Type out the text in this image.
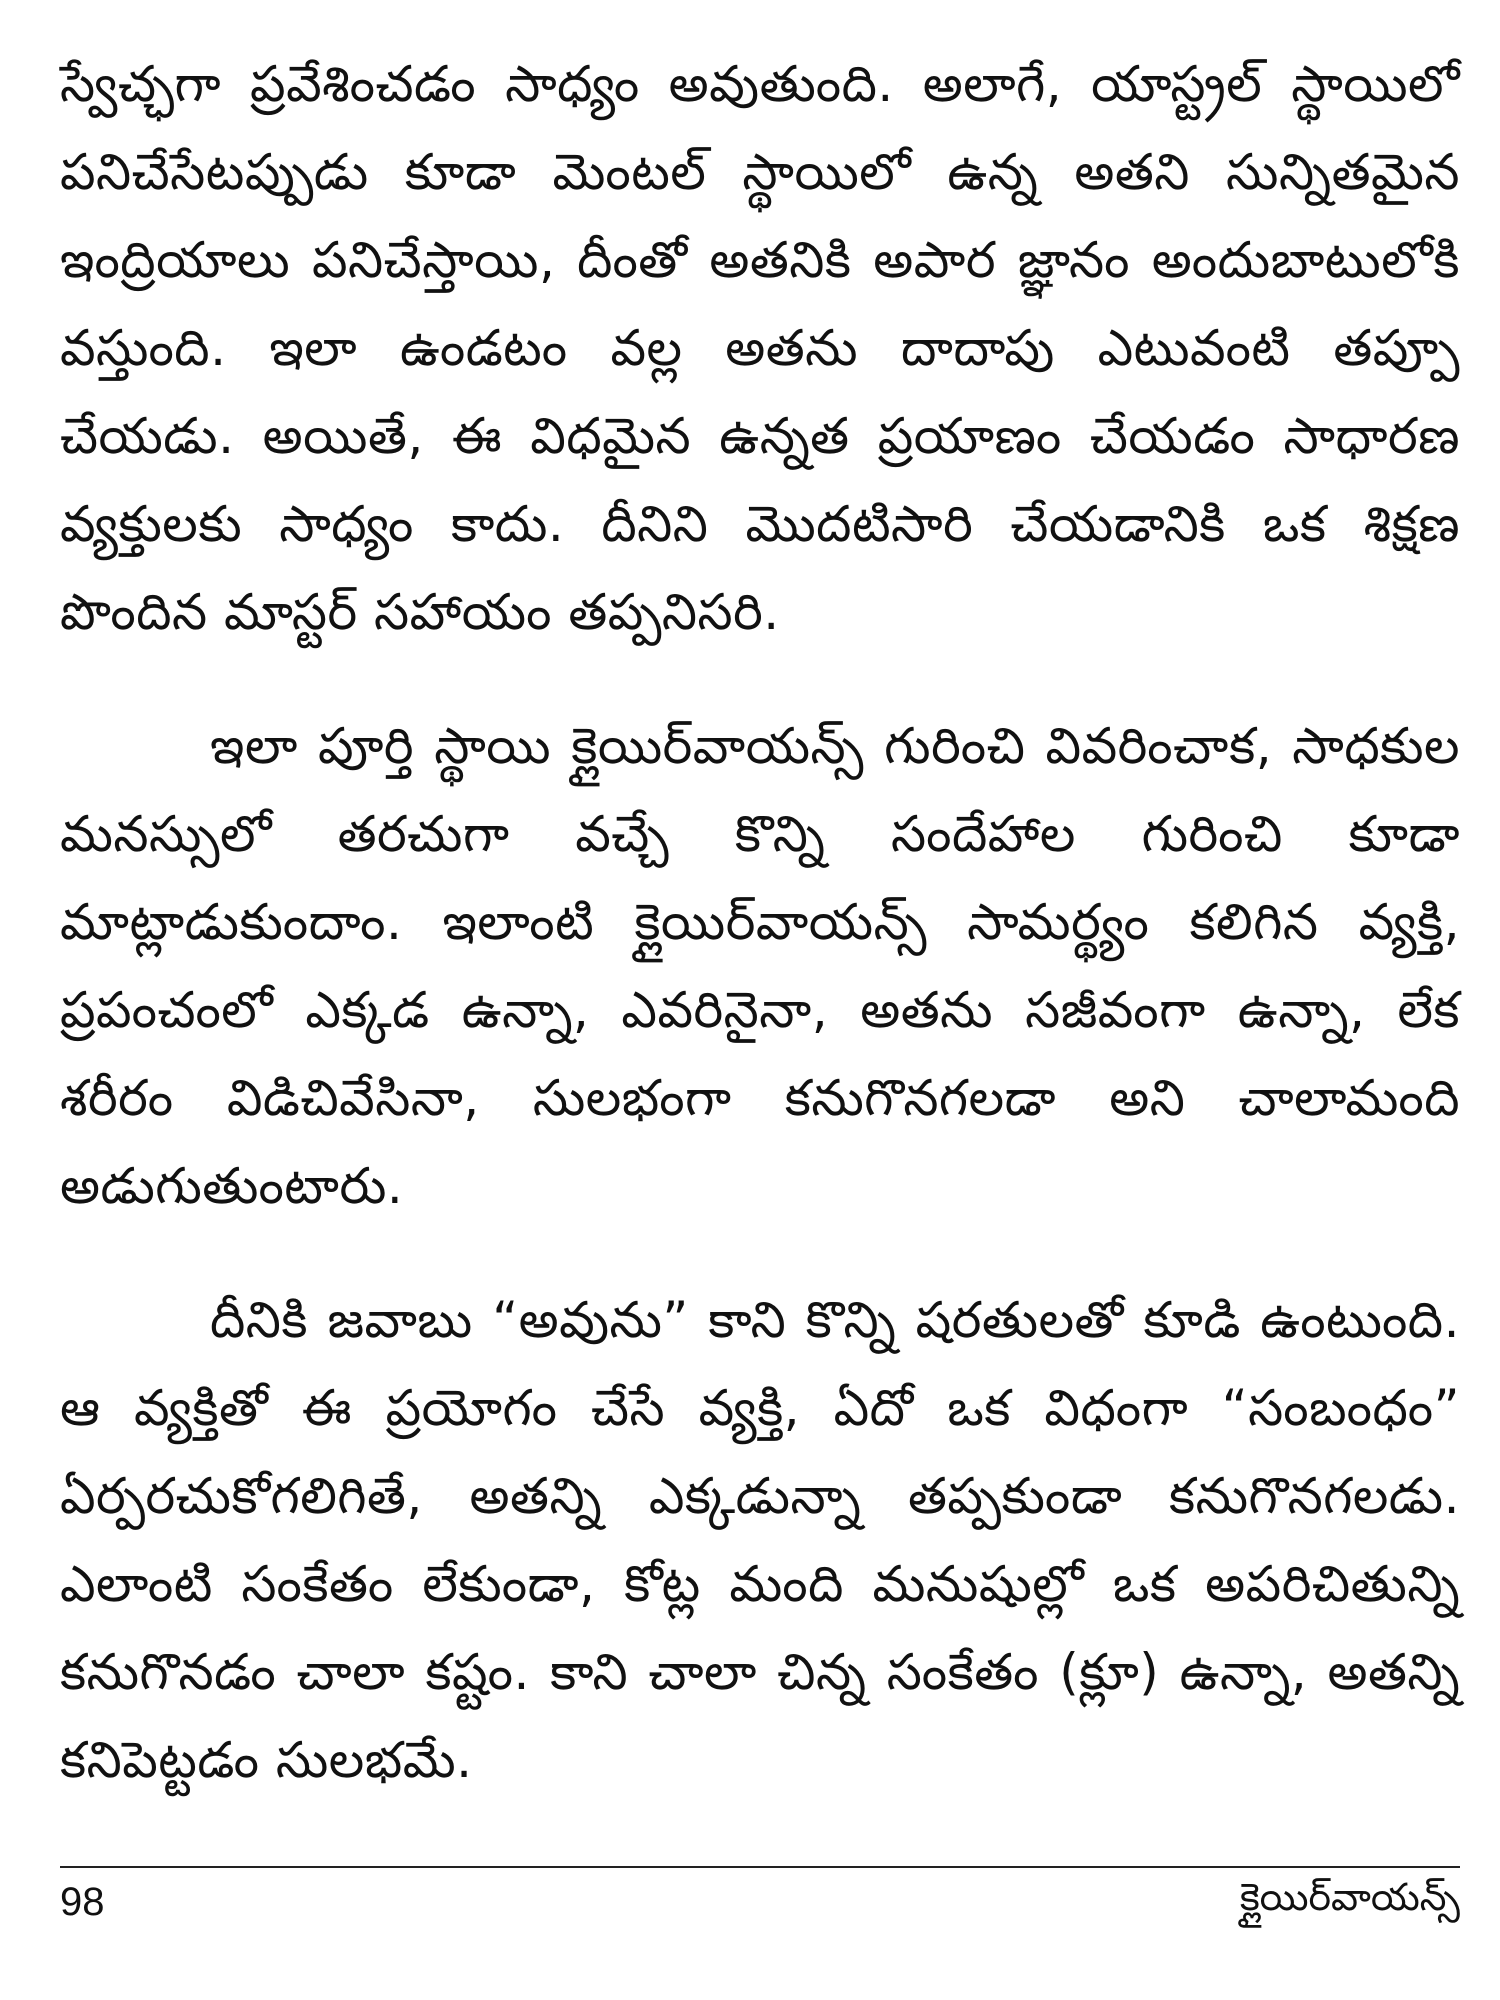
స్వేచ్ఛగా ప్రవేశించడం సాధ్యం అవుతుంది. అలాగే, యాస్ట్రల్ స్థాయిలో పనిచేసేటప్పుడు కూడా మెంటల్ స్థాయిలో ఉన్న అతని సున్నితమైన ఇంద్రియాలు పనిచేస్తాయి, దీంతో అతనికి అపార జ్ఞానం అందుబాటులోకి వస్తుంది. ఇలా ఉండటం వల్ల అతను దాదాపు ఎటువంటి తప్పూ చేయడు. అయితే, ఈ విధమైన ఉన్నత ప్రయాణం చేయడం సాధారణ వ్యక్తులకు సాధ్యం కాదు. దీనిని మొదటిసారి చేయడానికి ఒక శిక్షణ పొందిన మాస్టర్ సహాయం తప్పనిసరి.

ఇలా పూర్తి స్థాయి క్లైయిర్‌వాయన్స్ గురించి వివరించాక, సాధకుల మనస్సులో తరచుగా వచ్చే కొన్ని సందేహాల గురించి కూడా మాట్లాడుకుందాం. ఇలాంటి క్లైయిర్‌వాయన్స్ సామర్థ్యం కలిగిన వ్యక్తి, ప్రపంచంలో ఎక్కడ ఉన్నా, ఎవరినైనా, అతను సజీవంగా ఉన్నా, లేక శరీరం విడిచివేసినా, సులభంగా కనుగొనగలడా అని చాలామంది అడుగుతుంటారు.

దీనికి జవాబు “అవును” కాని కొన్ని షరతులతో కూడి ఉంటుంది. ఆ వ్యక్తితో ఈ ప్రయోగం చేసే వ్యక్తి, ఏదో ఒక విధంగా “సంబంధం” ఏర్పరచుకోగలిగితే, అతన్ని ఎక్కడున్నా తప్పకుండా కనుగొనగలడు. ఎలాంటి సంకేతం లేకుండా, కోట్ల మంది మనుషుల్లో ఒక అపరిచితున్ని కనుగొనడం చాలా కష్టం. కాని చాలా చిన్న సంకేతం (క్లూ) ఉన్నా, అతన్ని కనిపెట్టడం సులభమే.

98	క్లైయిర్‌వాయన్స్
